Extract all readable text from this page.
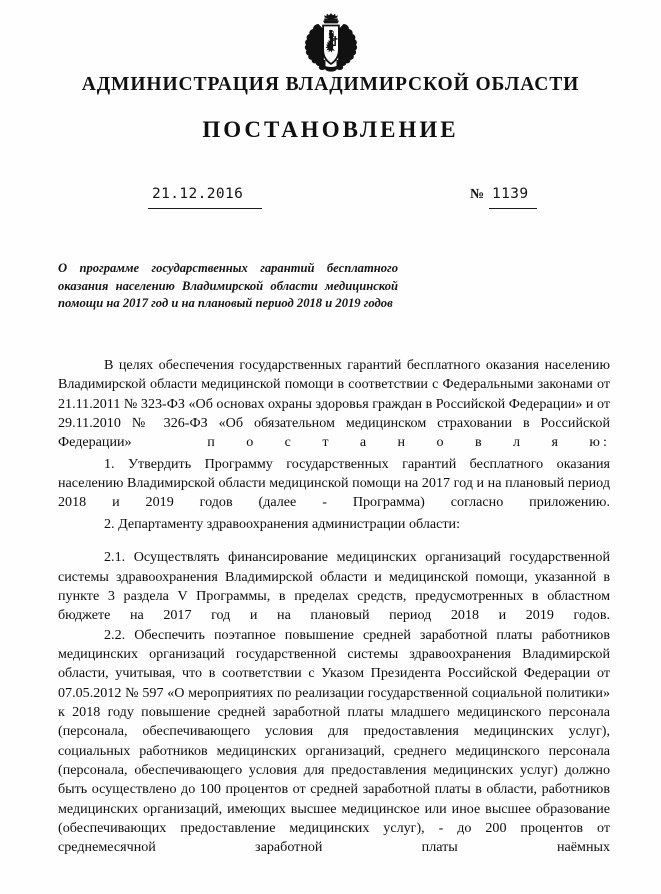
АДМИНИСТРАЦИЯ ВЛАДИМИРСКОЙ ОБЛАСТИ
ПОСТАНОВЛЕНИЕ
21.12.2016	№ 1139
О программе государственных гарантий бесплатного оказания населению Владимирской области медицинской помощи на 2017 год и на плановый период 2018 и 2019 годов

В целях обеспечения государственных гарантий бесплатного оказания населению Владимирской области медицинской помощи в соответствии с Федеральными законами от 21.11.2011 № 323-ФЗ «Об основах охраны здоровья граждан в Российской Федерации» и от 29.11.2010 № 326-ФЗ «Об обязательном медицинском страховании в Российской Федерации»	п о с т а н о в л я ю:

1. Утвердить Программу государственных гарантий бесплатного оказания населению Владимирской области медицинской помощи на 2017 год и на плановый период 2018 и 2019 годов (далее - Программа) согласно приложению.

2. Департаменту здравоохранения администрации области:

2.1. Осуществлять финансирование медицинских организаций государственной системы здравоохранения Владимирской области и медицинской помощи, указанной в пункте 3 раздела V Программы, в пределах средств, предусмотренных в областном бюджете на 2017 год и на плановый период 2018 и 2019 годов.

2.2. Обеспечить поэтапное повышение средней заработной платы работников медицинских организаций государственной системы здравоохранения Владимирской области, учитывая, что в соответствии с Указом Президента Российской Федерации от 07.05.2012 № 597 «О мероприятиях по реализации государственной социальной политики» к 2018 году повышение средней заработной платы младшего медицинского персонала (персонала, обеспечивающего условия для предоставления медицинских услуг), социальных работников медицинских организаций, среднего медицинского персонала (персонала, обеспечивающего условия для предоставления медицинских услуг) должно быть осуществлено до 100 процентов от средней заработной платы в области, работников медицинских организаций, имеющих высшее медицинское или иное высшее образование (обеспечивающих предоставление медицинских услуг), - до 200 процентов от среднемесячной заработной платы наёмных
